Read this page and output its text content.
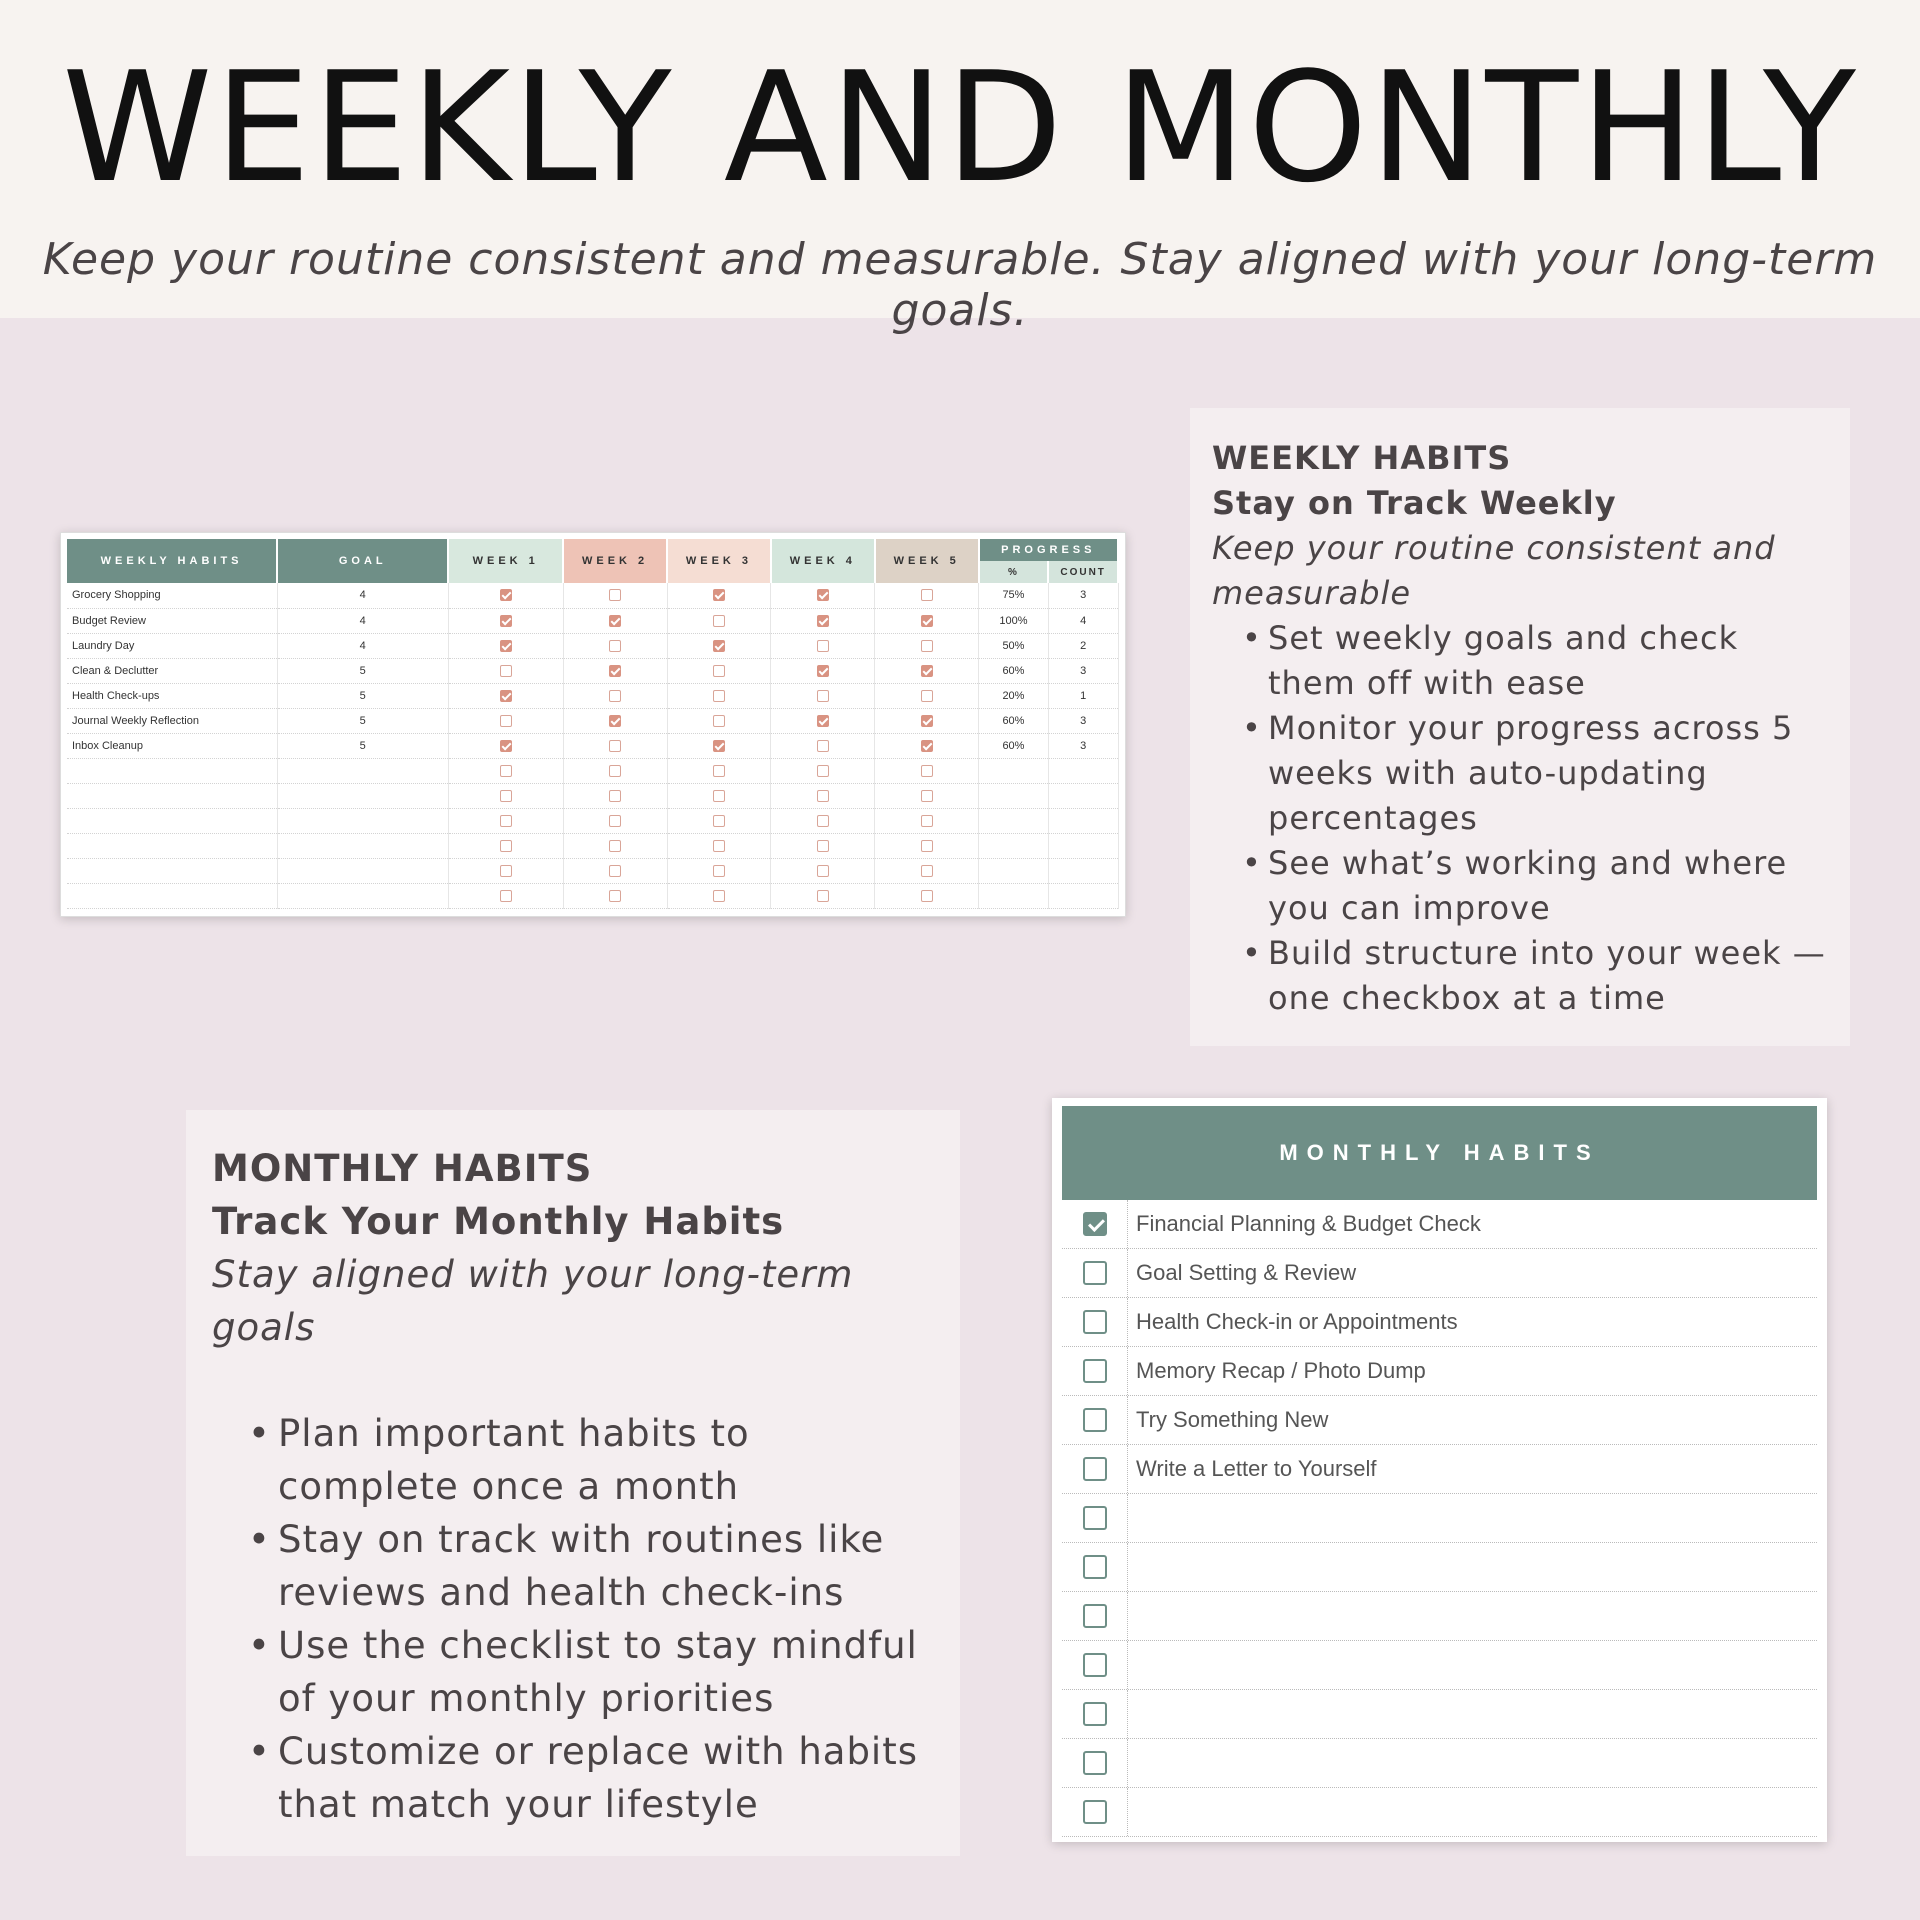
WEEKLY AND MONTHLY
Keep your routine consistent and measurable. Stay aligned with your long-term goals.
WEEKLY HABITS	GOAL	WEEK 1	WEEK 2	WEEK 3	WEEK 4	WEEK 5	PROGRESS	
							%	COUNT
Grocery Shopping	4						75%	3
Budget Review	4						100%	4
Laundry Day	4						50%	2
Clean & Declutter	5						60%	3
Health Check-ups	5						20%	1
Journal Weekly Reflection	5						60%	3
Inbox Cleanup	5						60%	3

WEEKLY HABITS
Stay on Track Weekly
Keep your routine consistent and measurable
• Set weekly goals and check them off with ease
• Monitor your progress across 5 weeks with auto-updating percentages
• See what’s working and where you can improve
• Build structure into your week — one checkbox at a time
MONTHLY HABITS
Track Your Monthly Habits
Stay aligned with your long-term goals
• Plan important habits to complete once a month
• Stay on track with routines like reviews and health check-ins
• Use the checklist to stay mindful of your monthly priorities
• Customize or replace with habits that match your lifestyle
MONTHLY HABITS
Financial Planning & Budget Check
Goal Setting & Review
Health Check-in or Appointments
Memory Recap / Photo Dump
Try Something New
Write a Letter to Yourself
